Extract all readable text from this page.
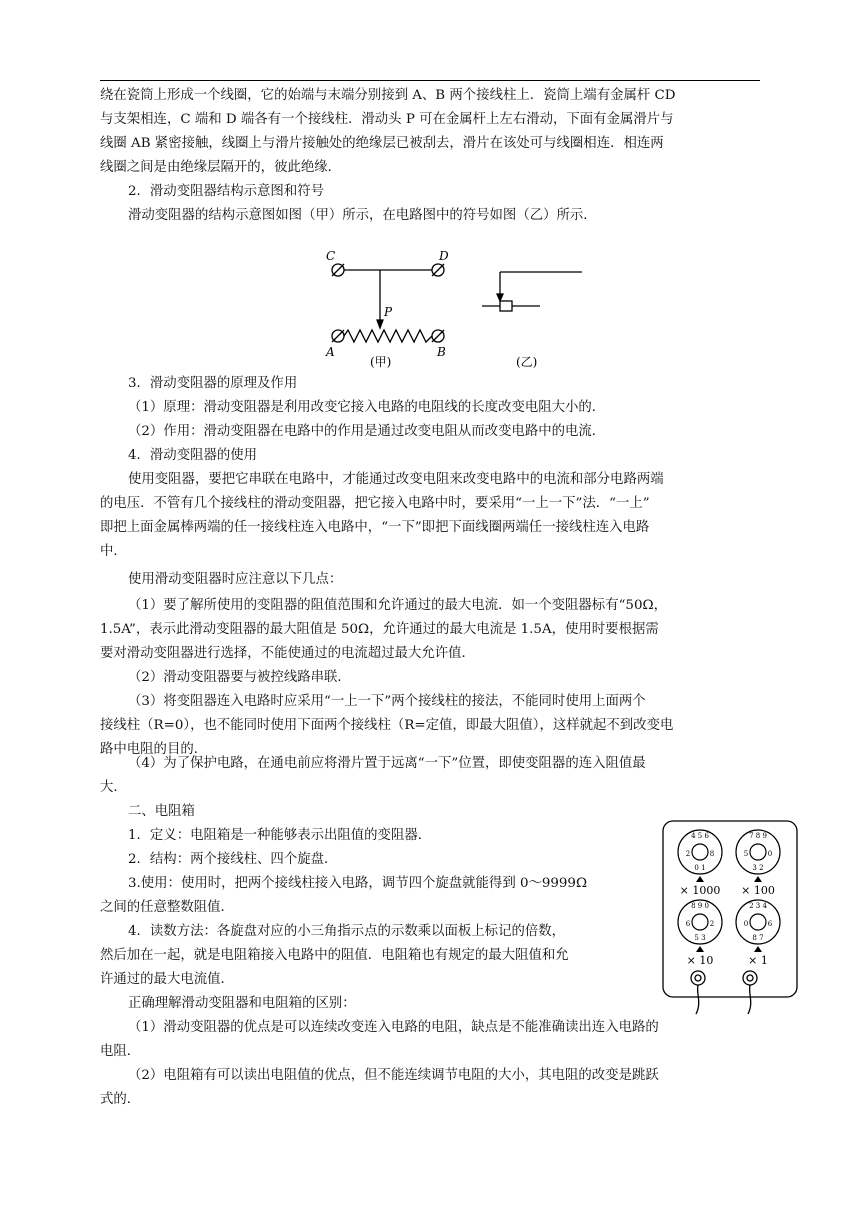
绕在瓷筒上形成一个线圈，它的始端与末端分别接到 A、B 两个接线柱上．瓷筒上端有金属杆 CD

与支架相连，C 端和 D 端各有一个接线柱．滑动头 P 可在金属杆上左右滑动，下面有金属滑片与

线圈 AB 紧密接触，线圈上与滑片接触处的绝缘层已被刮去，滑片在该处可与线圈相连．相连两

线圈之间是由绝缘层隔开的，彼此绝缘．

2．滑动变阻器结构示意图和符号

滑动变阻器的结构示意图如图（甲）所示，在电路图中的符号如图（乙）所示．

C	D
P
A	B
(甲)	(乙)

3．滑动变阻器的原理及作用

（1）原理：滑动变阻器是利用改变它接入电路的电阻线的长度改变电阻大小的．

（2）作用：滑动变阻器在电路中的作用是通过改变电阻从而改变电路中的电流．

4．滑动变阻器的使用

使用变阻器，要把它串联在电路中，才能通过改变电阻来改变电路中的电流和部分电路两端

的电压．不管有几个接线柱的滑动变阻器，把它接入电路中时，要采用“一上一下”法．“一上”

即把上面金属棒两端的任一接线柱连入电路中，“一下”即把下面线圈两端任一接线柱连入电路

中．

使用滑动变阻器时应注意以下几点：

（1）要了解所使用的变阻器的阻值范围和允许通过的最大电流．如一个变阻器标有“50Ω，

1.5A”，表示此滑动变阻器的最大阻值是 50Ω，允许通过的最大电流是 1.5A，使用时要根据需

要对滑动变阻器进行选择，不能使通过的电流超过最大允许值．

（2）滑动变阻器要与被控线路串联．

（3）将变阻器连入电路时应采用“一上一下”两个接线柱的接法，不能同时使用上面两个

接线柱（R=0），也不能同时使用下面两个接线柱（R=定值，即最大阻值），这样就起不到改变电

路中电阻的目的．

（4）为了保护电路，在通电前应将滑片置于远离“一下”位置，即使变阻器的连入阻值最

大．

二、电阻箱

1．定义：电阻箱是一种能够表示出阻值的变阻器．

2．结构：两个接线柱、四个旋盘．

3.使用：使用时，把两个接线柱接入电路，调节四个旋盘就能得到 0～9999Ω

之间的任意整数阻值．

4．读数方法：各旋盘对应的小三角指示点的示数乘以面板上标记的倍数，

然后加在一起，就是电阻箱接入电路中的阻值．电阻箱也有规定的最大阻值和允

许通过的最大电流值．

正确理解滑动变阻器和电阻箱的区别：

（1）滑动变阻器的优点是可以连续改变连入电路的电阻，缺点是不能准确读出连入电路的

电阻．

（2）电阻箱有可以读出电阻值的优点，但不能连续调节电阻的大小，其电阻的改变是跳跃

式的．

4 5 6
2	8
0 1
7 8 9
5	0
3 2
8 9 0
6	2
5 3
2 3 4
0	6
8 7
× 1000 × 100
× 10	× 1
